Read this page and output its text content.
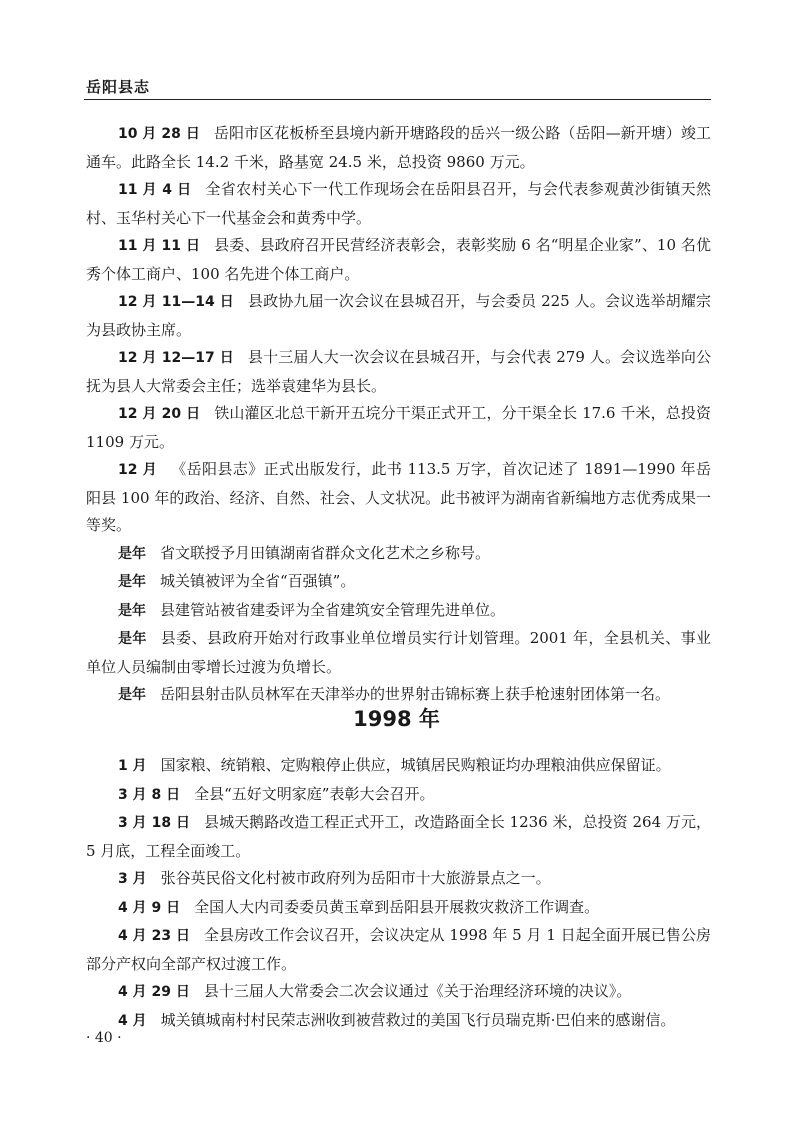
岳阳县志

10 月 28 日 岳阳市区花板桥至县境内新开塘路段的岳兴一级公路（岳阳—新开塘）竣工通车。此路全长 14.2 千米，路基宽 24.5 米，总投资 9860 万元。

11 月 4 日 全省农村关心下一代工作现场会在岳阳县召开，与会代表参观黄沙街镇天然村、玉华村关心下一代基金会和黄秀中学。

11 月 11 日 县委、县政府召开民营经济表彰会，表彰奖励 6 名“明星企业家”、10 名优秀个体工商户、100 名先进个体工商户。

12 月 11—14 日 县政协九届一次会议在县城召开，与会委员 225 人。会议选举胡耀宗为县政协主席。

12 月 12—17 日 县十三届人大一次会议在县城召开，与会代表 279 人。会议选举向公抚为县人大常委会主任；选举袁建华为县长。

12 月 20 日 铁山灌区北总干新开五垸分干渠正式开工，分干渠全长 17.6 千米，总投资 1109 万元。

12 月 《岳阳县志》正式出版发行，此书 113.5 万字，首次记述了 1891—1990 年岳阳县 100 年的政治、经济、自然、社会、人文状况。此书被评为湖南省新编地方志优秀成果一等奖。

是年 省文联授予月田镇湖南省群众文化艺术之乡称号。

是年 城关镇被评为全省“百强镇”。

是年 县建管站被省建委评为全省建筑安全管理先进单位。

是年 县委、县政府开始对行政事业单位增员实行计划管理。2001 年，全县机关、事业单位人员编制由零增长过渡为负增长。

是年 岳阳县射击队员林军在天津举办的世界射击锦标赛上获手枪速射团体第一名。

1998 年

1 月 国家粮、统销粮、定购粮停止供应，城镇居民购粮证均办理粮油供应保留证。

3 月 8 日 全县“五好文明家庭”表彰大会召开。

3 月 18 日 县城天鹅路改造工程正式开工，改造路面全长 1236 米，总投资 264 万元，5 月底，工程全面竣工。

3 月 张谷英民俗文化村被市政府列为岳阳市十大旅游景点之一。

4 月 9 日 全国人大内司委委员黄玉章到岳阳县开展救灾救济工作调查。

4 月 23 日 全县房改工作会议召开，会议决定从 1998 年 5 月 1 日起全面开展已售公房部分产权向全部产权过渡工作。

4 月 29 日 县十三届人大常委会二次会议通过《关于治理经济环境的决议》。

4 月 城关镇城南村村民荣志洲收到被营救过的美国飞行员瑞克斯·巴伯来的感谢信。

· 40 ·
